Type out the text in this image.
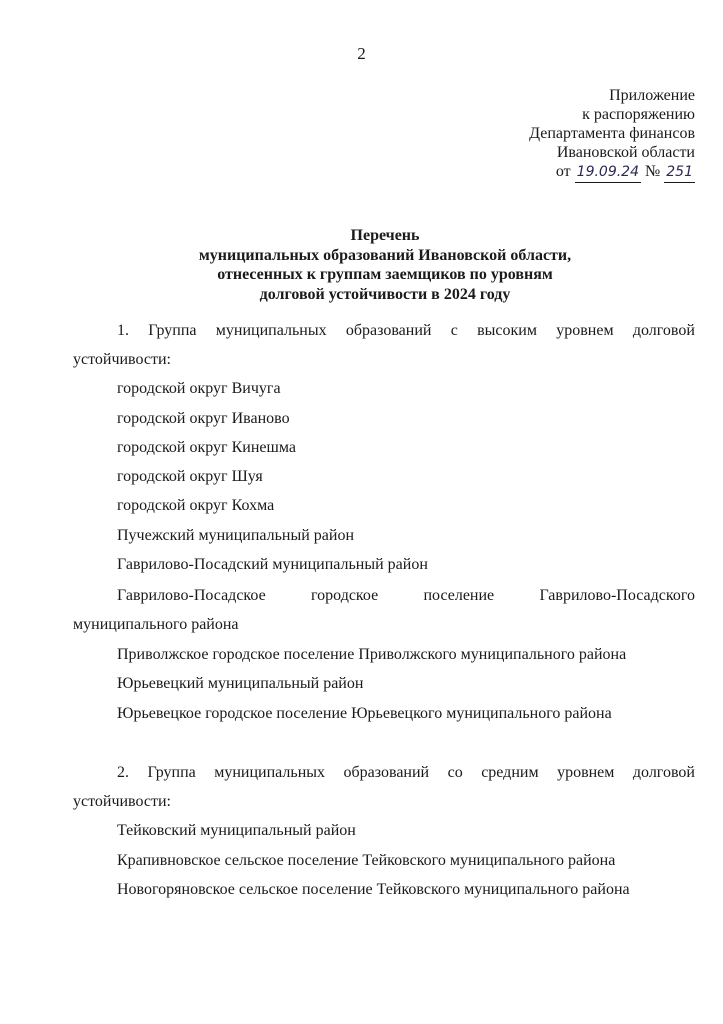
2
Приложение
к распоряжению
Департамента финансов
Ивановской области
от 19.09.24 № 251
Перечень
муниципальных образований Ивановской области,
отнесенных к группам заемщиков по уровням
долговой устойчивости в 2024 году
1. Группа муниципальных образований с высоким уровнем долговой
устойчивости:
городской округ Вичуга
городской округ Иваново
городской округ Кинешма
городской округ Шуя
городской округ Кохма
Пучежский муниципальный район
Гаврилово-Посадский муниципальный район
Гаврилово-Посадское	городское	поселение	Гаврилово-Посадского
муниципального района
Приволжское городское поселение Приволжского муниципального района
Юрьевецкий муниципальный район
Юрьевецкое городское поселение Юрьевецкого муниципального района
2. Группа муниципальных образований со средним уровнем долговой
устойчивости:
Тейковский муниципальный район
Крапивновское сельское поселение Тейковского муниципального района
Новогоряновское сельское поселение Тейковского муниципального района
